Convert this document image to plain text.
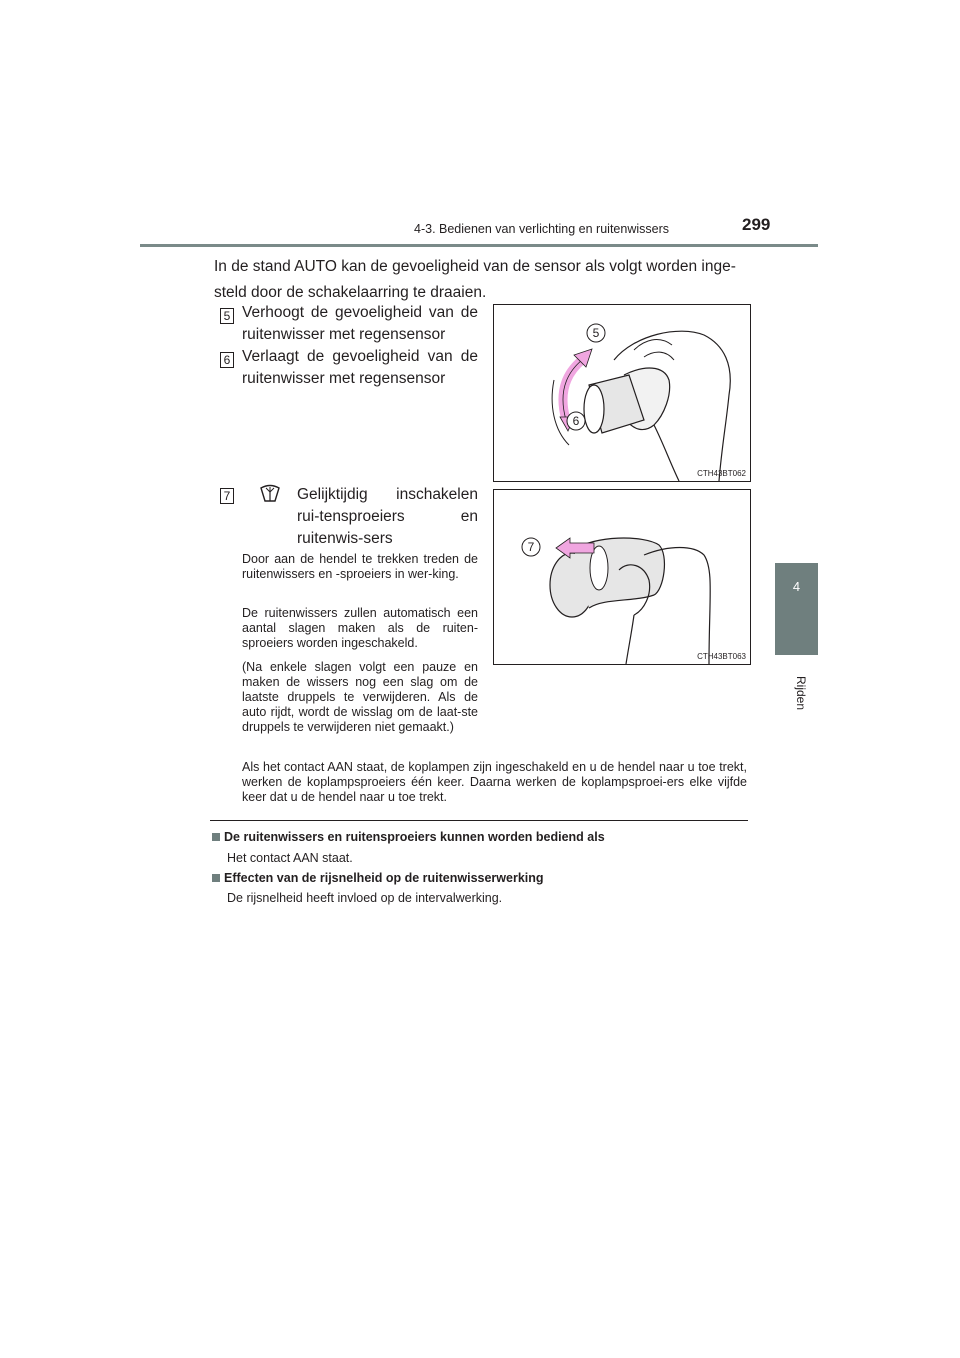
4-3. Bedienen van verlichting en ruitenwissers	299
4
Rijden
In de stand AUTO kan de gevoeligheid van de sensor als volgt worden inge-steld door de schakelaarring te draaien.
5 Verhoogt de gevoeligheid van de ruitenwisser met regensensor
6 Verlaagt de gevoeligheid van de ruitenwisser met regensensor
5
6
CTH43BT062
7	Gelijktijdig inschakelen rui-tensproeiers en ruitenwis-sers	7
CTH43BT063
Door aan de hendel te trekken treden de ruitenwissers en -sproeiers in wer-king.
De ruitenwissers zullen automatisch een aantal slagen maken als de ruiten-sproeiers worden ingeschakeld.
(Na enkele slagen volgt een pauze en maken de wissers nog een slag om de laatste druppels te verwijderen. Als de auto rijdt, wordt de wisslag om de laat-ste druppels te verwijderen niet gemaakt.)
Als het contact AAN staat, de koplampen zijn ingeschakeld en u de hendel naar u toe trekt, werken de koplampsproeiers één keer. Daarna werken de koplampsproei-ers elke vijfde keer dat u de hendel naar u toe trekt.
De ruitenwissers en ruitensproeiers kunnen worden bediend als
Het contact AAN staat.
Effecten van de rijsnelheid op de ruitenwisserwerking
De rijsnelheid heeft invloed op de intervalwerking.
